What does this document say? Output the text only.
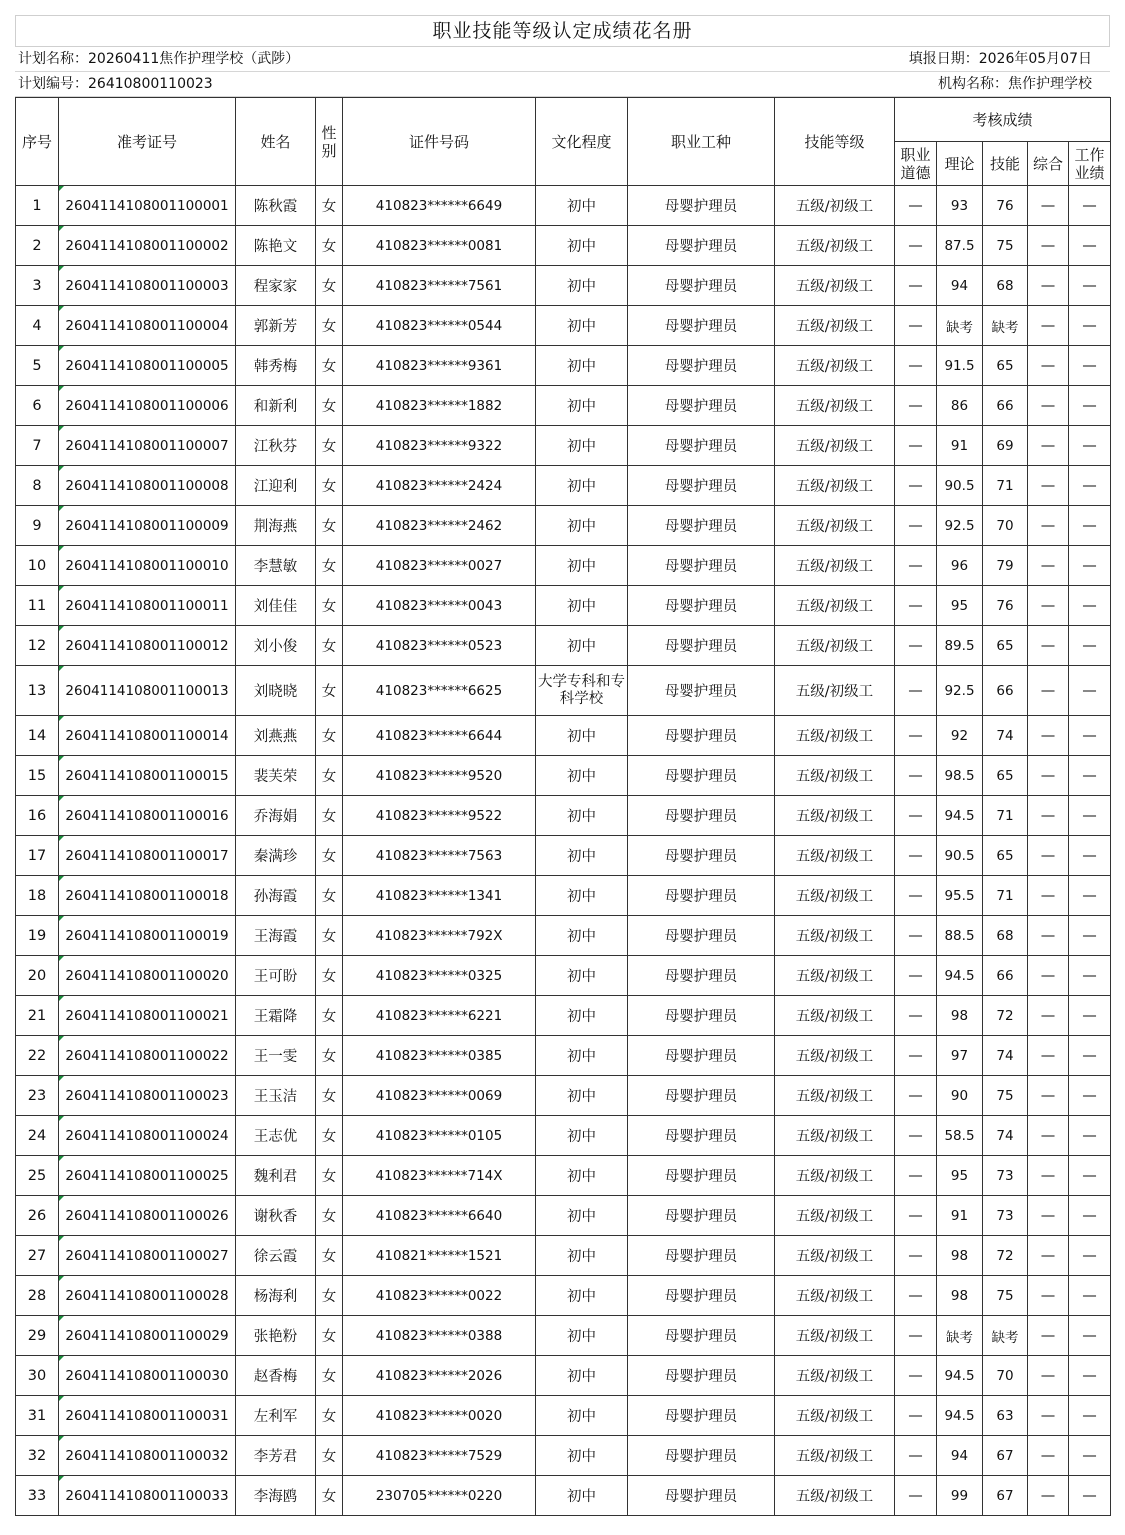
职业技能等级认定成绩花名册
计划名称：20260411焦作护理学校（武陟）	填报日期：2026年05月07日
计划编号：26410800110023	机构名称：焦作护理学校
序号	准考证号	姓名	性别	证件号码	文化程度	职业工种	技能等级	考核成绩				
								职业道德	理论	技能	综合	工作业绩
1	2604114108001100001	陈秋霞	女	410823******6649	初中	母婴护理员	五级/初级工	—	93	76	—	—
2	2604114108001100002	陈艳文	女	410823******0081	初中	母婴护理员	五级/初级工	—	87.5	75	—	—
3	2604114108001100003	程家家	女	410823******7561	初中	母婴护理员	五级/初级工	—	94	68	—	—
4	2604114108001100004	郭新芳	女	410823******0544	初中	母婴护理员	五级/初级工	—	缺考	缺考	—	—
5	2604114108001100005	韩秀梅	女	410823******9361	初中	母婴护理员	五级/初级工	—	91.5	65	—	—
6	2604114108001100006	和新利	女	410823******1882	初中	母婴护理员	五级/初级工	—	86	66	—	—
7	2604114108001100007	江秋芬	女	410823******9322	初中	母婴护理员	五级/初级工	—	91	69	—	—
8	2604114108001100008	江迎利	女	410823******2424	初中	母婴护理员	五级/初级工	—	90.5	71	—	—
9	2604114108001100009	荆海燕	女	410823******2462	初中	母婴护理员	五级/初级工	—	92.5	70	—	—
10	2604114108001100010	李慧敏	女	410823******0027	初中	母婴护理员	五级/初级工	—	96	79	—	—
11	2604114108001100011	刘佳佳	女	410823******0043	初中	母婴护理员	五级/初级工	—	95	76	—	—
12	2604114108001100012	刘小俊	女	410823******0523	初中	母婴护理员	五级/初级工	—	89.5	65	—	—
13	2604114108001100013	刘晓晓	女	410823******6625	大学专科和专科学校	母婴护理员	五级/初级工	—	92.5	66	—	—
14	2604114108001100014	刘燕燕	女	410823******6644	初中	母婴护理员	五级/初级工	—	92	74	—	—
15	2604114108001100015	裴芙荣	女	410823******9520	初中	母婴护理员	五级/初级工	—	98.5	65	—	—
16	2604114108001100016	乔海娟	女	410823******9522	初中	母婴护理员	五级/初级工	—	94.5	71	—	—
17	2604114108001100017	秦满珍	女	410823******7563	初中	母婴护理员	五级/初级工	—	90.5	65	—	—
18	2604114108001100018	孙海霞	女	410823******1341	初中	母婴护理员	五级/初级工	—	95.5	71	—	—
19	2604114108001100019	王海霞	女	410823******792X	初中	母婴护理员	五级/初级工	—	88.5	68	—	—
20	2604114108001100020	王可盼	女	410823******0325	初中	母婴护理员	五级/初级工	—	94.5	66	—	—
21	2604114108001100021	王霜降	女	410823******6221	初中	母婴护理员	五级/初级工	—	98	72	—	—
22	2604114108001100022	王一雯	女	410823******0385	初中	母婴护理员	五级/初级工	—	97	74	—	—
23	2604114108001100023	王玉洁	女	410823******0069	初中	母婴护理员	五级/初级工	—	90	75	—	—
24	2604114108001100024	王志优	女	410823******0105	初中	母婴护理员	五级/初级工	—	58.5	74	—	—
25	2604114108001100025	魏利君	女	410823******714X	初中	母婴护理员	五级/初级工	—	95	73	—	—
26	2604114108001100026	谢秋香	女	410823******6640	初中	母婴护理员	五级/初级工	—	91	73	—	—
27	2604114108001100027	徐云霞	女	410821******1521	初中	母婴护理员	五级/初级工	—	98	72	—	—
28	2604114108001100028	杨海利	女	410823******0022	初中	母婴护理员	五级/初级工	—	98	75	—	—
29	2604114108001100029	张艳粉	女	410823******0388	初中	母婴护理员	五级/初级工	—	缺考	缺考	—	—
30	2604114108001100030	赵香梅	女	410823******2026	初中	母婴护理员	五级/初级工	—	94.5	70	—	—
31	2604114108001100031	左利军	女	410823******0020	初中	母婴护理员	五级/初级工	—	94.5	63	—	—
32	2604114108001100032	李芳君	女	410823******7529	初中	母婴护理员	五级/初级工	—	94	67	—	—
33	2604114108001100033	李海鸥	女	230705******0220	初中	母婴护理员	五级/初级工	—	99	67	—	—
